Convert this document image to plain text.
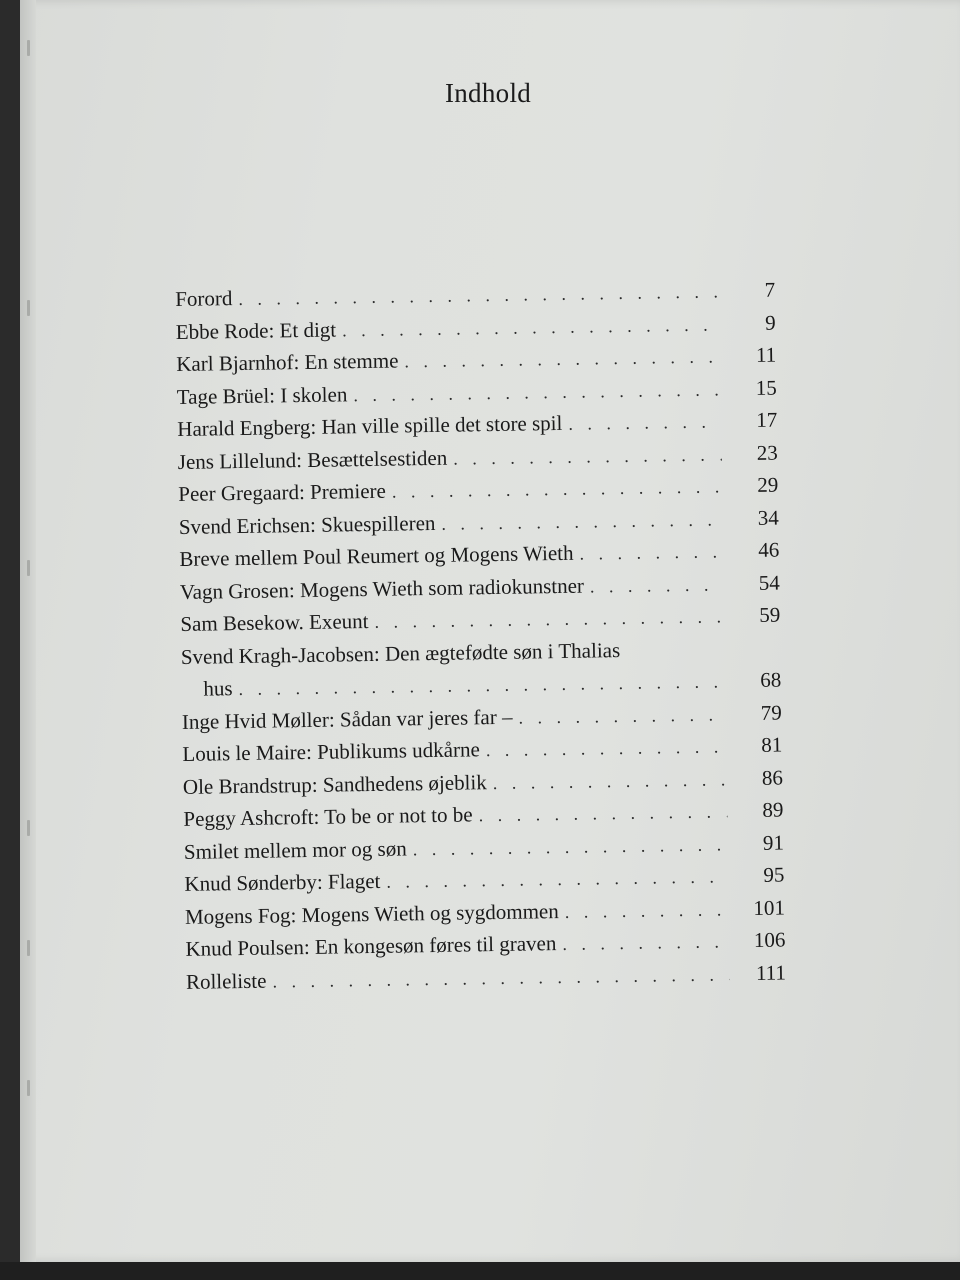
Indhold
Forord . . .	7
Ebbe Rode: Et digt . . .	9
Karl Bjarnhof: En stemme . . .	11
Tage Brüel: I skolen . . .	15
Harald Engberg: Han ville spille det store spil . . .	17
Jens Lillelund: Besættelsestiden . . .	23
Peer Gregaard: Premiere . . .	29
Svend Erichsen: Skuespilleren . . .	34
Breve mellem Poul Reumert og Mogens Wieth . . .	46
Vagn Grosen: Mogens Wieth som radiokunstner . . .	54
Sam Besekow. Exeunt . . .	59
Svend Kragh-Jacobsen: Den ægtefødte søn i Thalias
hus . . .	68
Inge Hvid Møller: Sådan var jeres far – . . .	79
Louis le Maire: Publikums udkårne . . .	81
Ole Brandstrup: Sandhedens øjeblik . . .	86
Peggy Ashcroft: To be or not to be . . .	89
Smilet mellem mor og søn . . .	91
Knud Sønderby: Flaget . . .	95
Mogens Fog: Mogens Wieth og sygdommen . . .	101
Knud Poulsen: En kongesøn føres til graven . . .	106
Rolleliste . . .	111
